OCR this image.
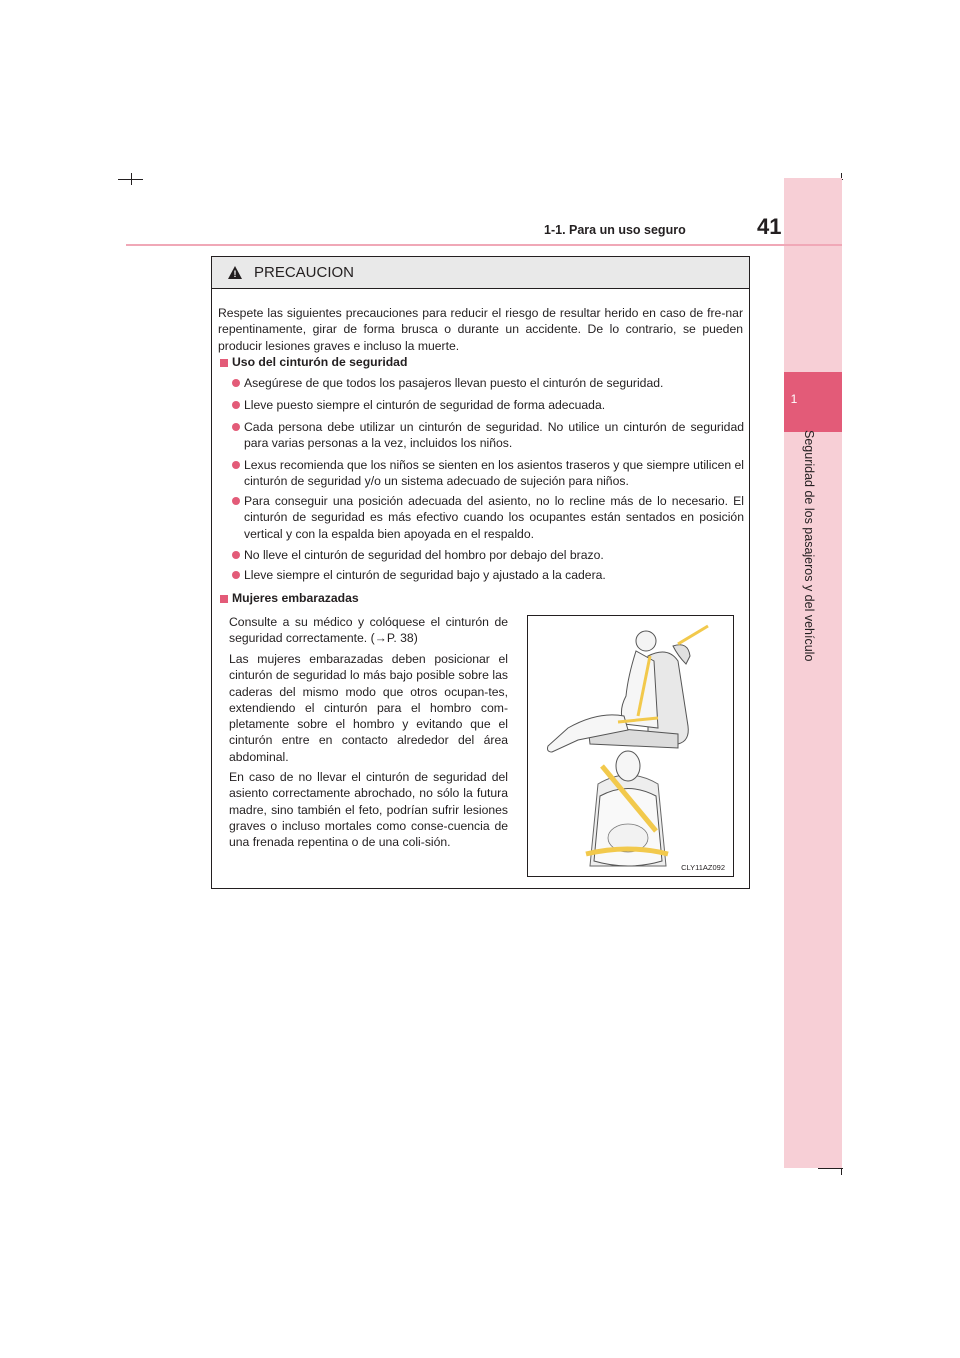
1
Seguridad de los pasajeros y del vehículo
1-1. Para un uso seguro	41
! PRECAUCION
Respete las siguientes precauciones para reducir el riesgo de resultar herido en caso de fre-nar repentinamente, girar de forma brusca o durante un accidente. De lo contrario, se pueden producir lesiones graves e incluso la muerte.
Uso del cinturón de seguridad
Asegúrese de que todos los pasajeros llevan puesto el cinturón de seguridad.
Lleve puesto siempre el cinturón de seguridad de forma adecuada.
Cada persona debe utilizar un cinturón de seguridad. No utilice un cinturón de seguridad para varias personas a la vez, incluidos los niños.
Lexus recomienda que los niños se sienten en los asientos traseros y que siempre utilicen el cinturón de seguridad y/o un sistema adecuado de sujeción para niños.
Para conseguir una posición adecuada del asiento, no lo recline más de lo necesario. El cinturón de seguridad es más efectivo cuando los ocupantes están sentados en posición vertical y con la espalda bien apoyada en el respaldo.
No lleve el cinturón de seguridad del hombro por debajo del brazo.
Lleve siempre el cinturón de seguridad bajo y ajustado a la cadera.
Mujeres embarazadas
Consulte a su médico y colóquese el cinturón de seguridad correctamente. (→P. 38)
Las mujeres embarazadas deben posicionar el cinturón de seguridad lo más bajo posible sobre las caderas del mismo modo que otros ocupan-tes, extendiendo el cinturón para el hombro com-pletamente sobre el hombro y evitando que el cinturón entre en contacto alrededor del área abdominal.
En caso de no llevar el cinturón de seguridad del asiento correctamente abrochado, no sólo la futura madre, sino también el feto, podrían sufrir lesiones graves o incluso mortales como conse-cuencia de una frenada repentina o de una coli-sión.
CLY11AZ092
